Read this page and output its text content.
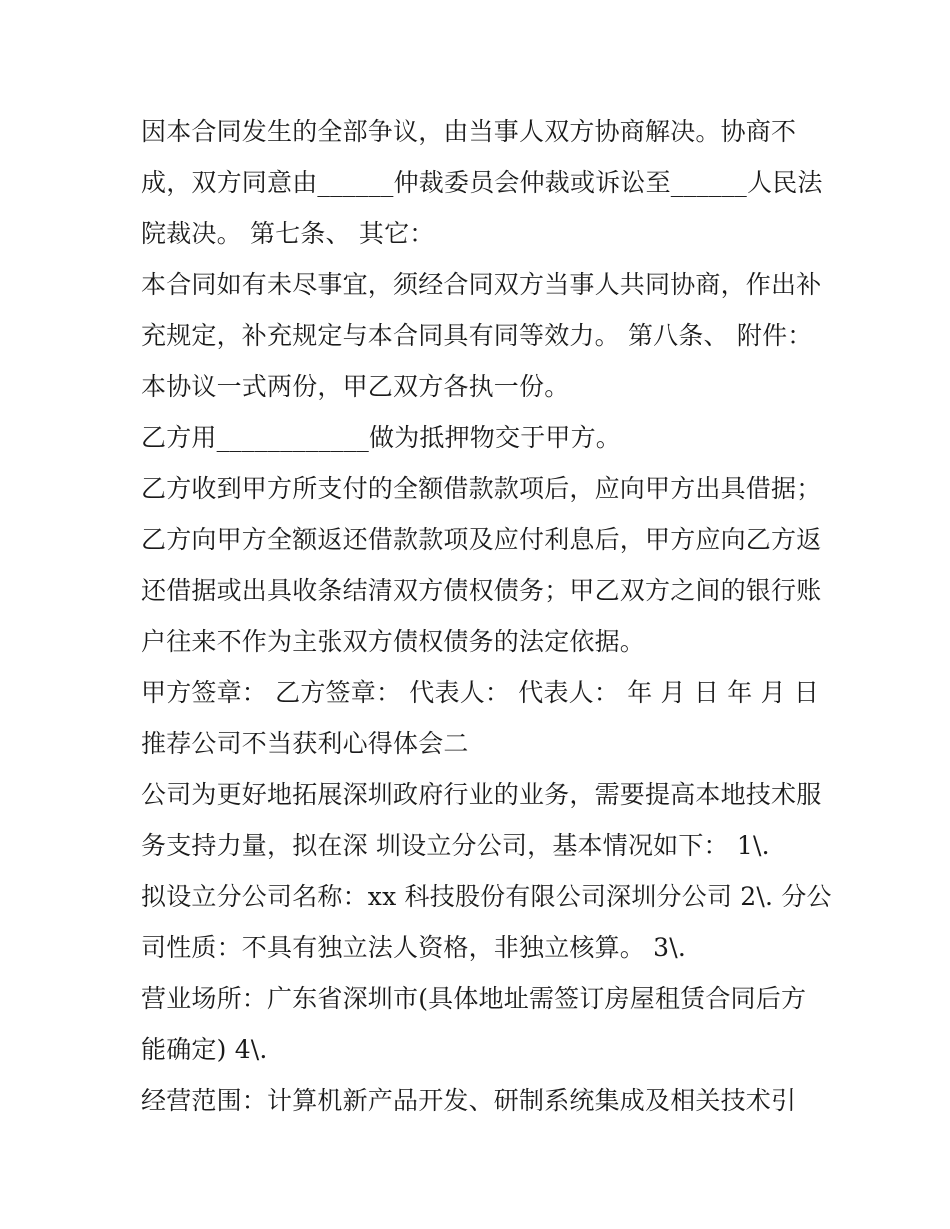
因本合同发生的全部争议，由当事人双方协商解决。协商不
成，双方同意由______仲裁委员会仲裁或诉讼至______人民法
院裁决。 第七条、 其它：
本合同如有未尽事宜，须经合同双方当事人共同协商，作出补
充规定，补充规定与本合同具有同等效力。 第八条、 附件：
本协议一式两份，甲乙双方各执一份。
乙方用____________做为抵押物交于甲方。
乙方收到甲方所支付的全额借款款项后，应向甲方出具借据；
乙方向甲方全额返还借款款项及应付利息后，甲方应向乙方返
还借据或出具收条结清双方债权债务；甲乙双方之间的银行账
户往来不作为主张双方债权债务的法定依据。
甲方签章： 乙方签章： 代表人： 代表人： 年 月 日 年 月 日
推荐公司不当获利心得体会二
公司为更好地拓展深圳政府行业的业务，需要提高本地技术服
务支持力量，拟在深 圳设立分公司，基本情况如下： 1\.
拟设立分公司名称：xx 科技股份有限公司深圳分公司 2\. 分公
司性质：不具有独立法人资格，非独立核算。 3\.
营业场所：广东省深圳市(具体地址需签订房屋租赁合同后方
能确定) 4\.
经营范围：计算机新产品开发、研制系统集成及相关技术引
